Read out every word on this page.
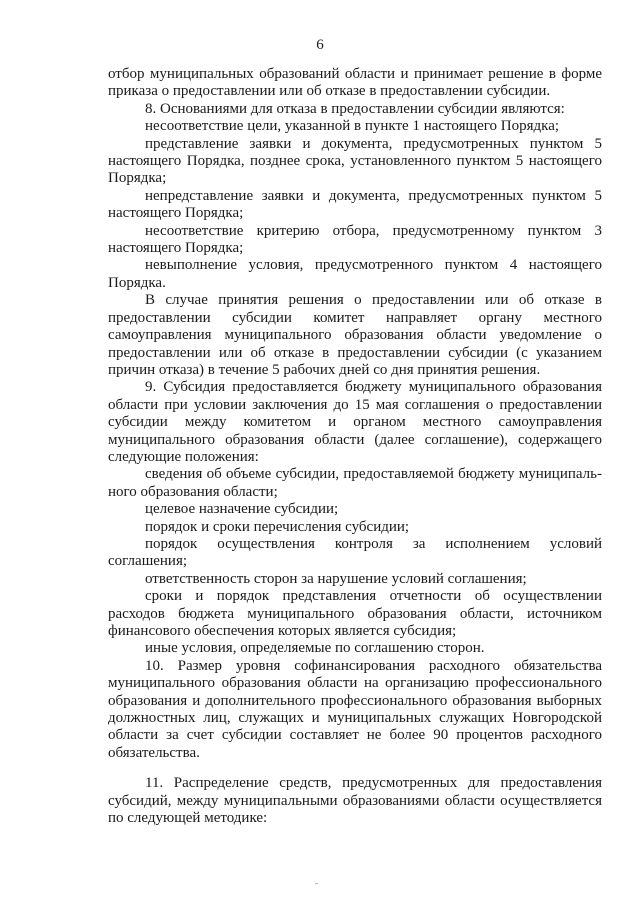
6

отбор муниципальных образований области и принимает решение в форме приказа о предоставлении или об отказе в предоставлении субсидии.

8. Основаниями для отказа в предоставлении субсидии являются:

несоответствие цели, указанной в пункте 1 настоящего Порядка;

представление заявки и документа, предусмотренных пунктом 5 настоящего Порядка, позднее срока, установленного пунктом 5 настоящего Порядка;

непредставление заявки и документа, предусмотренных пунктом 5 настоящего Порядка;

несоответствие критерию отбора, предусмотренному пунктом 3 настоящего Порядка;

невыполнение условия, предусмотренного пунктом 4 настоящего Порядка.

В случае принятия решения о предоставлении или об отказе в предоставлении субсидии комитет направляет органу местного самоуправления муниципального образования области уведомление о предоставлении или об отказе в предоставлении субсидии (с указанием причин отказа) в течение 5 рабочих дней со дня принятия решения.

9. Субсидия предоставляется бюджету муниципального образования области при условии заключения до 15 мая соглашения о предоставлении субсидии между комитетом и органом местного самоуправления муниципального образования области (далее соглашение), содержащего следующие положения:

сведения об объеме субсидии, предоставляемой бюджету муниципаль-ного образования области;

целевое назначение субсидии;

порядок и сроки перечисления субсидии;

порядок осуществления контроля за исполнением условий соглашения;

ответственность сторон за нарушение условий соглашения;

сроки и порядок представления отчетности об осуществлении расходов бюджета муниципального образования области, источником финансового обеспечения которых является субсидия;

иные условия, определяемые по соглашению сторон.

10. Размер уровня софинансирования расходного обязательства муниципального образования области на организацию профессионального образования и дополнительного профессионального образования выборных должностных лиц, служащих и муниципальных служащих Новгородской области за счет субсидии составляет не более 90 процентов расходного обязательства.

11. Распределение средств, предусмотренных для предоставления субсидий, между муниципальными образованиями области осуществляется по следующей методике:
